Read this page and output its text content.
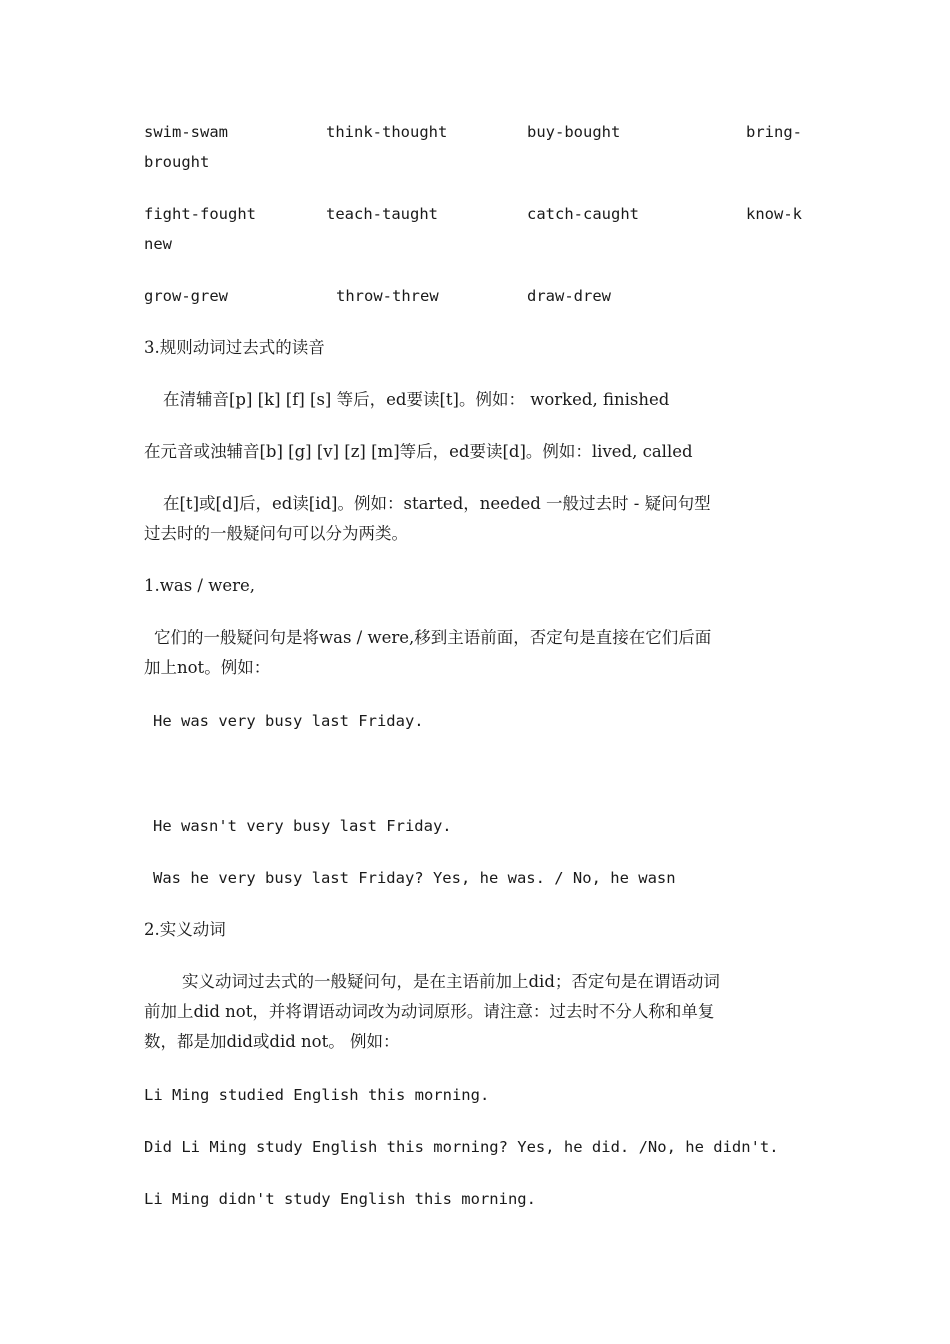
swim-swam	think-thought	buy-bought	bring-
brought
fight-fought	teach-taught	catch-caught	know-k
new
grow-grew	throw-threw	draw-drew
3.规则动词过去式的读音
在清辅音[p] [k] [f] [s] 等后，ed要读[t]。例如： worked, finished
在元音或浊辅音[b] [g] [v] [z] [m]等后，ed要读[d]。例如：lived, called
在[t]或[d]后，ed读[id]。例如：started，needed 一般过去时 - 疑问句型
过去时的一般疑问句可以分为两类。
1.was / were,
它们的一般疑问句是将was / were,移到主语前面，否定句是直接在它们后面
加上not。例如：
He was very busy last Friday.
He wasn't very busy last Friday.
Was he very busy last Friday? Yes, he was. / No, he wasn
2.实义动词
实义动词过去式的一般疑问句，是在主语前加上did；否定句是在谓语动词
前加上did not，并将谓语动词改为动词原形。请注意：过去时不分人称和单复
数，都是加did或did not。 例如：
Li Ming studied English this morning.
Did Li Ming study English this morning? Yes, he did. /No, he didn't.
Li Ming didn't study English this morning.
